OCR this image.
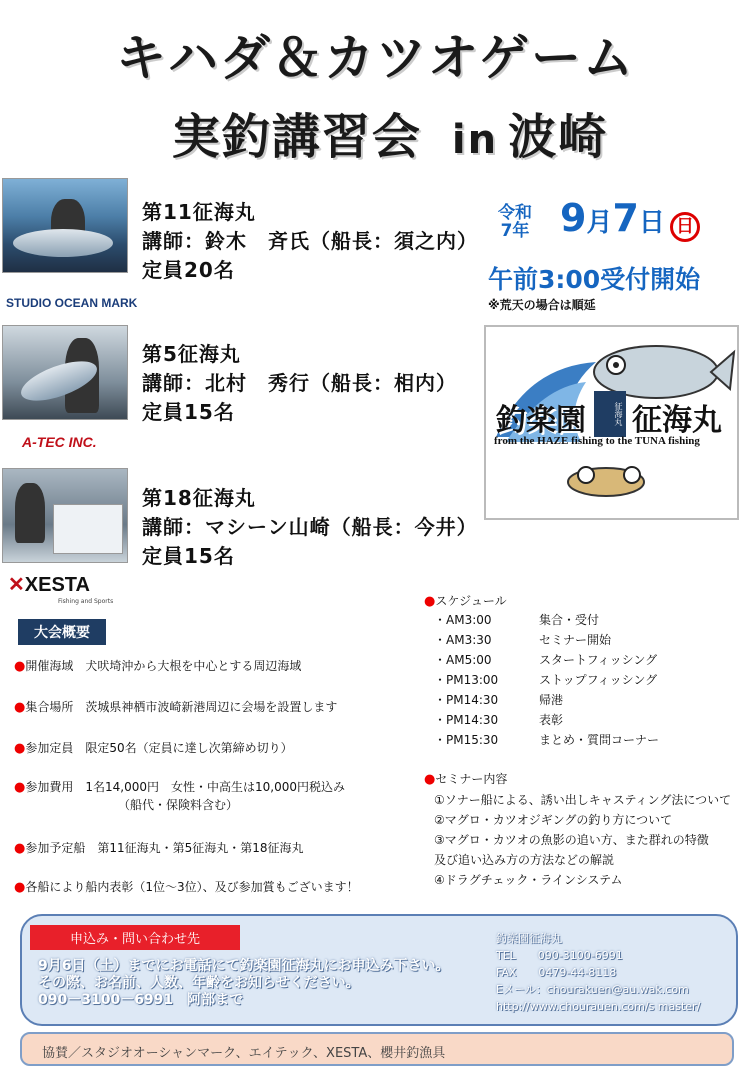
キハダ＆カツオゲーム
実釣講習会 in 波崎
STUDIO OCEAN MARK
第11征海丸
講師：鈴木　斉氏（船長：須之内）
定員20名
A-TEC INC.
第5征海丸
講師：北村　秀行（船長：相内）
定員15名
✕XESTA
Fishing and Sports
第18征海丸
講師：マシーン山崎（船長：今井）
定員15名
令和
7年 9月7日 日
午前3:00受付開始
※荒天の場合は順延
釣楽園	征海丸 征海丸
from the HAZE fishing to the TUNA fishing
大会概要
●開催海域　 犬吠埼沖から大根を中心とする周辺海域
●集合場所　 茨城県神栖市波崎新港周辺に会場を設置します
●参加定員　 限定50名（定員に達し次第締め切り）
●参加費用　 1名14,000円　女性・中高生は10,000円税込み
（船代・保険料含む）
●参加予定船　 第11征海丸・第5征海丸・第18征海丸
●各船により船内表彰（1位～3位）、及び参加賞もございます！
●スケジュール
・AM3:00	集合・受付
・AM3:30	セミナー開始
・AM5:00	スタートフィッシング
・PM13:00	ストップフィッシング
・PM14:30	帰港
・PM14:30	表彰
・PM15:30	まとめ・質問コーナー
●セミナー内容
①ソナー船による、誘い出しキャスティング法について
②マグロ・カツオジギングの釣り方について
③マグロ・カツオの魚影の追い方、また群れの特徴
及び追い込み方の方法などの解説
④ドラグチェック・ラインシステム
申込み・問い合わせ先
9月6日（土）までにお電話にて釣楽園征海丸にお申込み下さい。
その際、お名前、人数、年齢をお知らせください。
090－3100－6991　阿部まで
釣楽園征海丸
TEL　　090-3100-6991
FAX　　0479-44-8118
Eメール：chourakuen@au.wak.com
http://www.chourauen.com/s master/
協賛／スタジオオーシャンマーク、エイテック、XESTA、櫻井釣漁具
